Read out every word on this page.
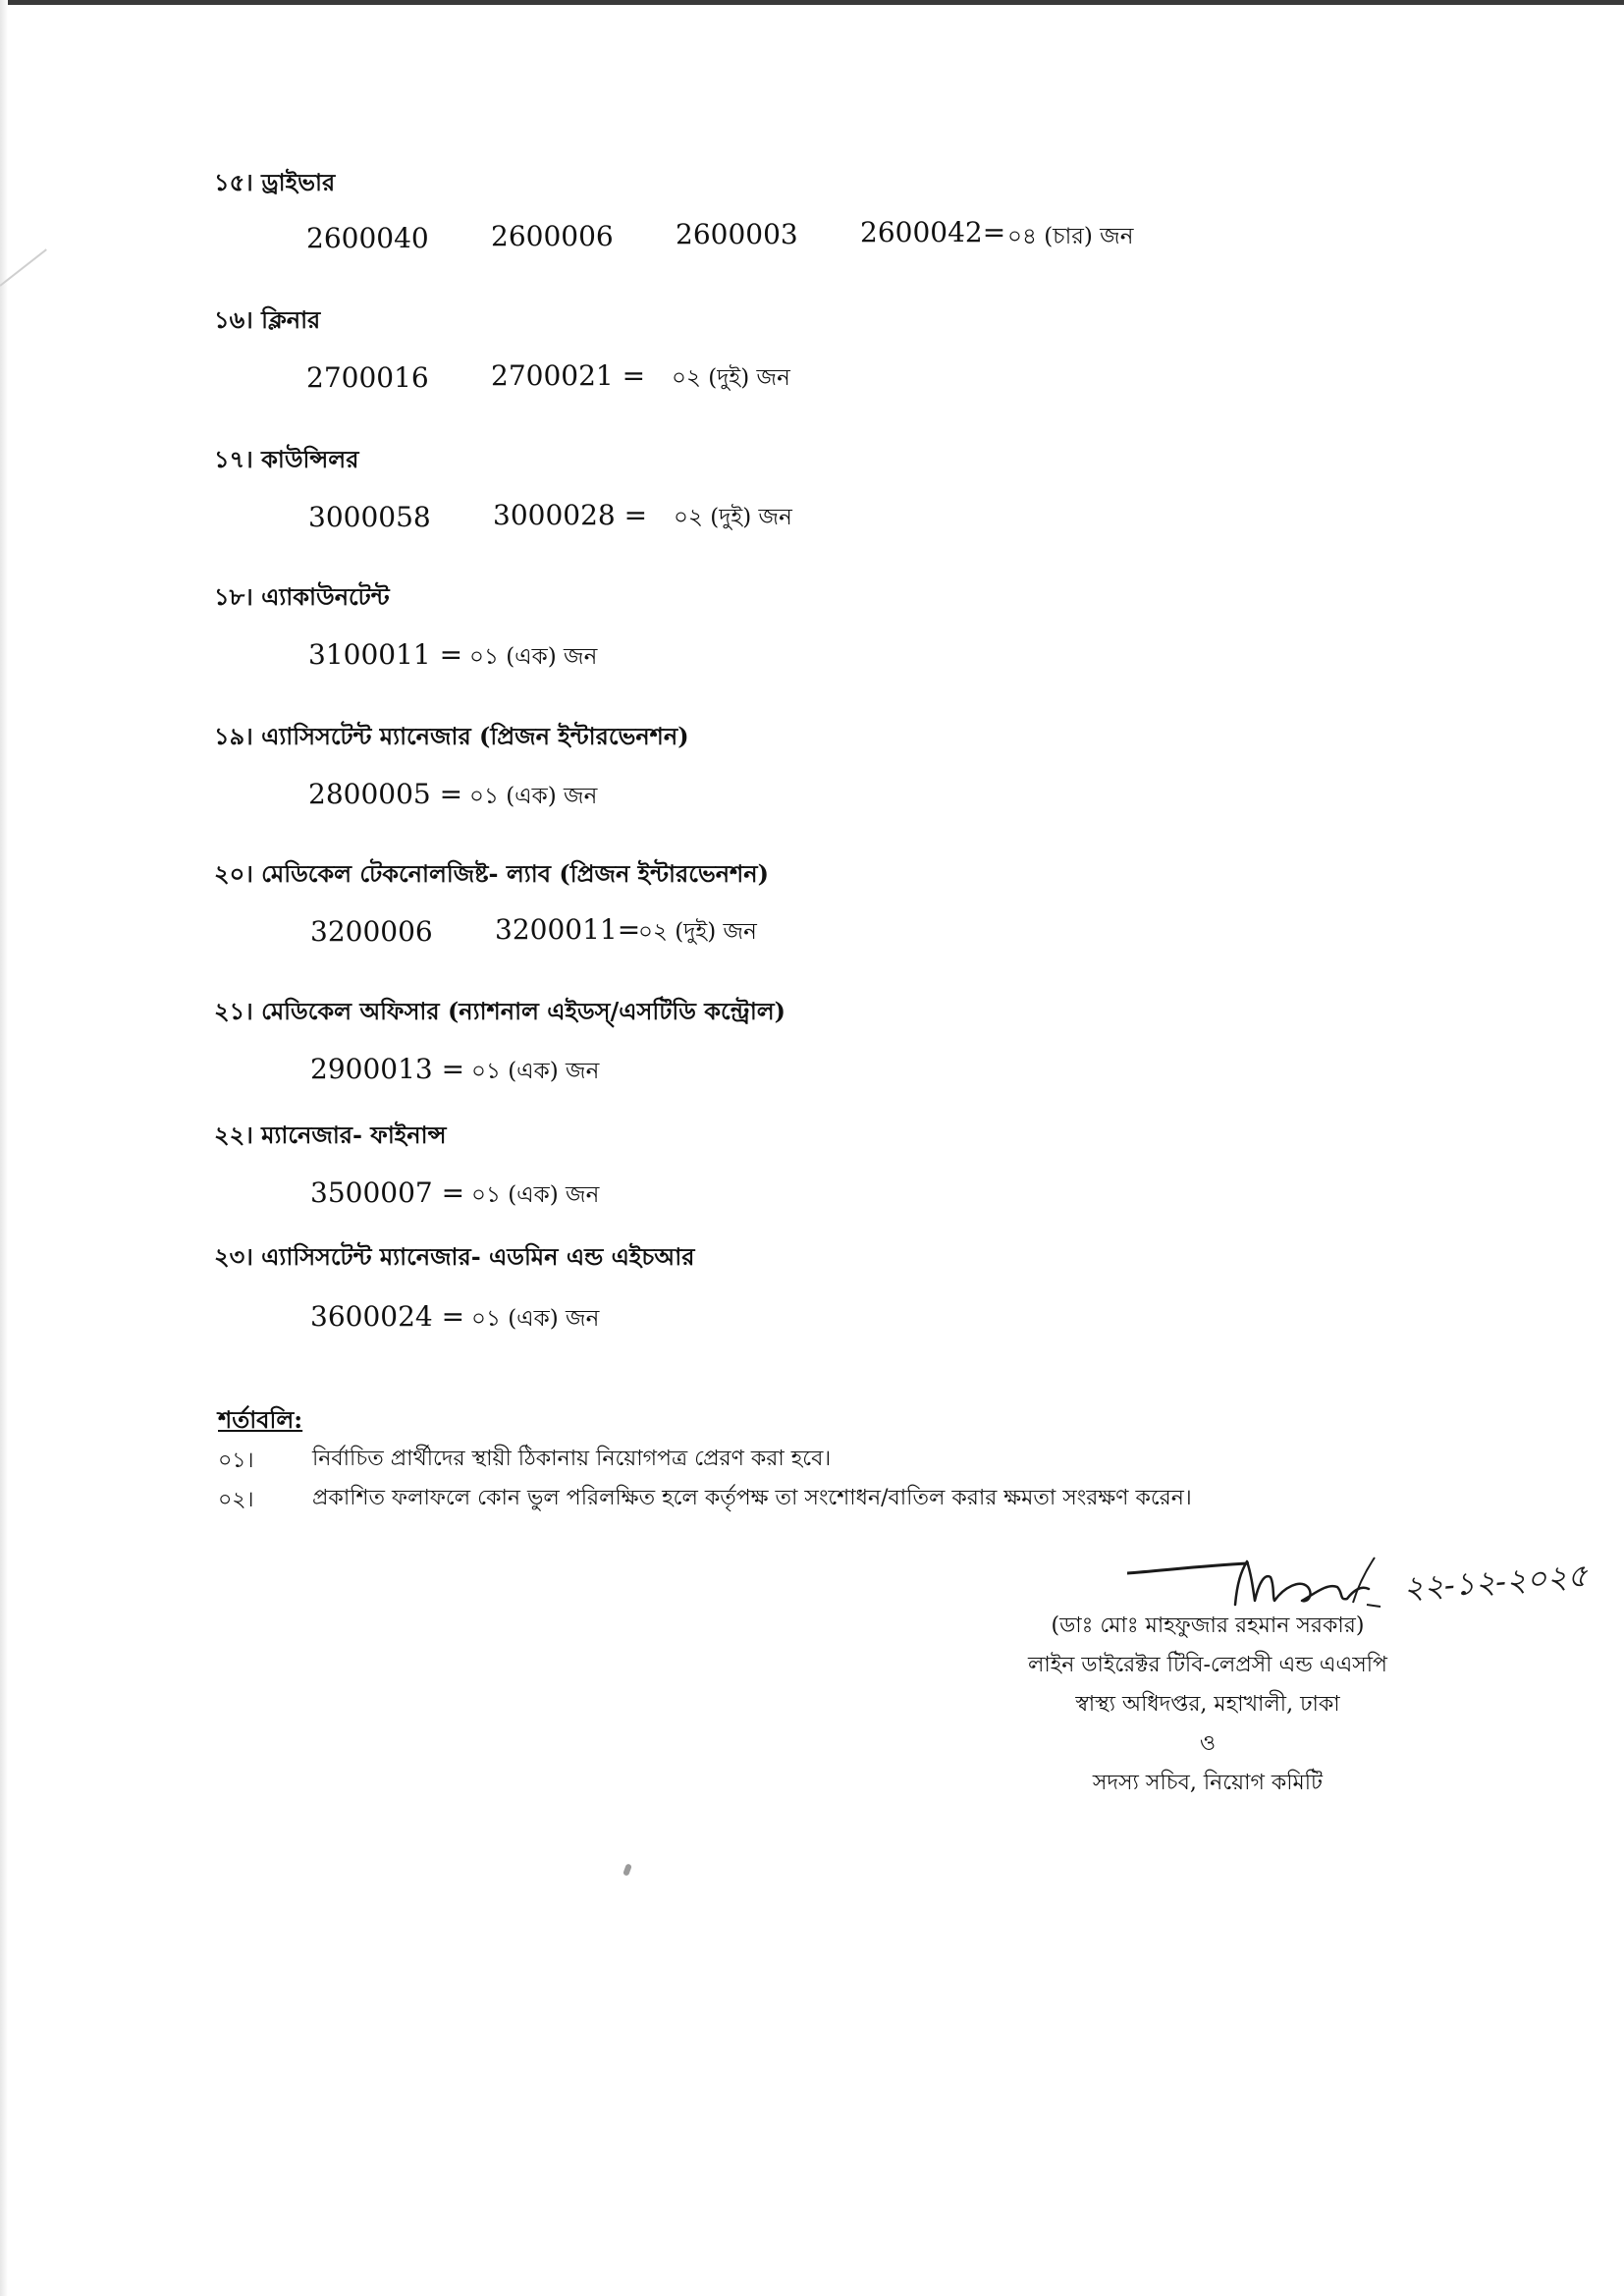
১৫। ড্রাইভার
2600040 2600006 2600003 2600042= ০৪ (চার) জন
১৬। ক্লিনার
2700016 2700021 = ০২ (দুই) জন
১৭। কাউন্সিলর
3000058 3000028 = ০২ (দুই) জন
১৮। এ্যাকাউনটেন্ট
3100011 = ০১ (এক) জন
১৯। এ্যাসিসটেন্ট ম্যানেজার (প্রিজন ইন্টারভেনশন)
2800005 = ০১ (এক) জন
২০। মেডিকেল টেকনোলজিষ্ট- ল্যাব (প্রিজন ইন্টারভেনশন)
3200006 3200011=
০২ (দুই) জন
২১। মেডিকেল অফিসার (ন্যাশনাল এইডস্/এসটিডি কন্ট্রোল)
2900013 = ০১ (এক) জন
২২। ম্যানেজার- ফাইনান্স
3500007 = ০১ (এক) জন
২৩। এ্যাসিসটেন্ট ম্যানেজার- এডমিন এন্ড এইচআর
3600024 = ০১ (এক) জন
শর্তাবলি:
০১।	নির্বাচিত প্রার্থীদের স্থায়ী ঠিকানায় নিয়োগপত্র প্রেরণ করা হবে।
০২।	প্রকাশিত ফলাফলে কোন ভুল পরিলক্ষিত হলে কর্তৃপক্ষ তা সংশোধন/বাতিল করার ক্ষমতা সংরক্ষণ করেন।
২২-১২-২০২৫
(ডাঃ মোঃ মাহফুজার রহমান সরকার)
লাইন ডাইরেক্টর টিবি-লেপ্রসী এন্ড এএসপি
স্বাস্থ্য অধিদপ্তর, মহাখালী, ঢাকা
ও
সদস্য সচিব, নিয়োগ কমিটি
